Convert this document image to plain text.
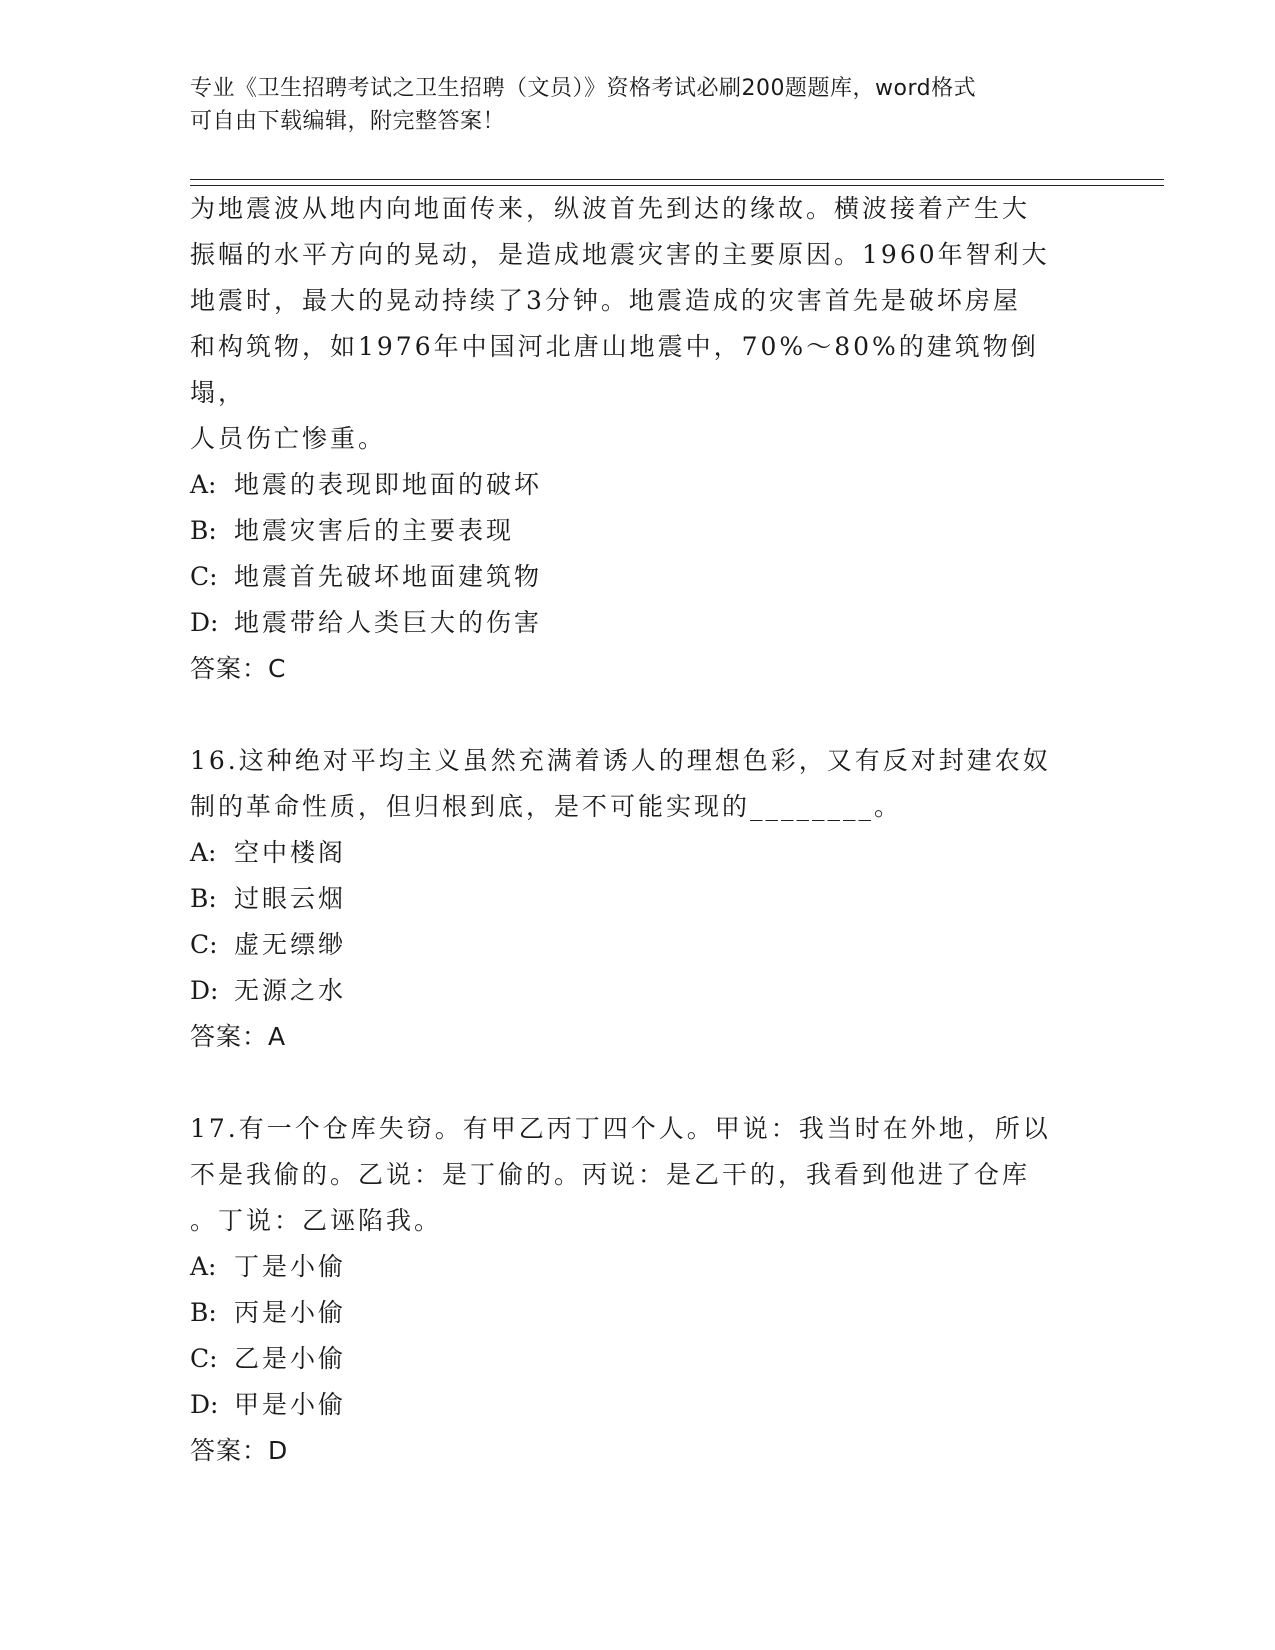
专业《卫生招聘考试之卫生招聘（文员）》资格考试必刷200题题库，word格式
可自由下载编辑，附完整答案！

为地震波从地内向地面传来，纵波首先到达的缘故。横波接着产生大

振幅的水平方向的晃动，是造成地震灾害的主要原因。1960年智利大

地震时，最大的晃动持续了3分钟。地震造成的灾害首先是破坏房屋

和构筑物，如1976年中国河北唐山地震中，70%～80%的建筑物倒塌，

人员伤亡惨重。

A: 地震的表现即地面的破坏
B: 地震灾害后的主要表现
C: 地震首先破坏地面建筑物
D: 地震带给人类巨大的伤害

答案：C

16.这种绝对平均主义虽然充满着诱人的理想色彩，又有反对封建农奴

制的革命性质，但归根到底，是不可能实现的________。

A: 空中楼阁
B: 过眼云烟
C: 虚无缥缈
D: 无源之水

答案：A

17.有一个仓库失窃。有甲乙丙丁四个人。甲说：我当时在外地，所以

不是我偷的。乙说：是丁偷的。丙说：是乙干的，我看到他进了仓库

。丁说：乙诬陷我。

A: 丁是小偷
B: 丙是小偷
C: 乙是小偷
D: 甲是小偷

答案：D
